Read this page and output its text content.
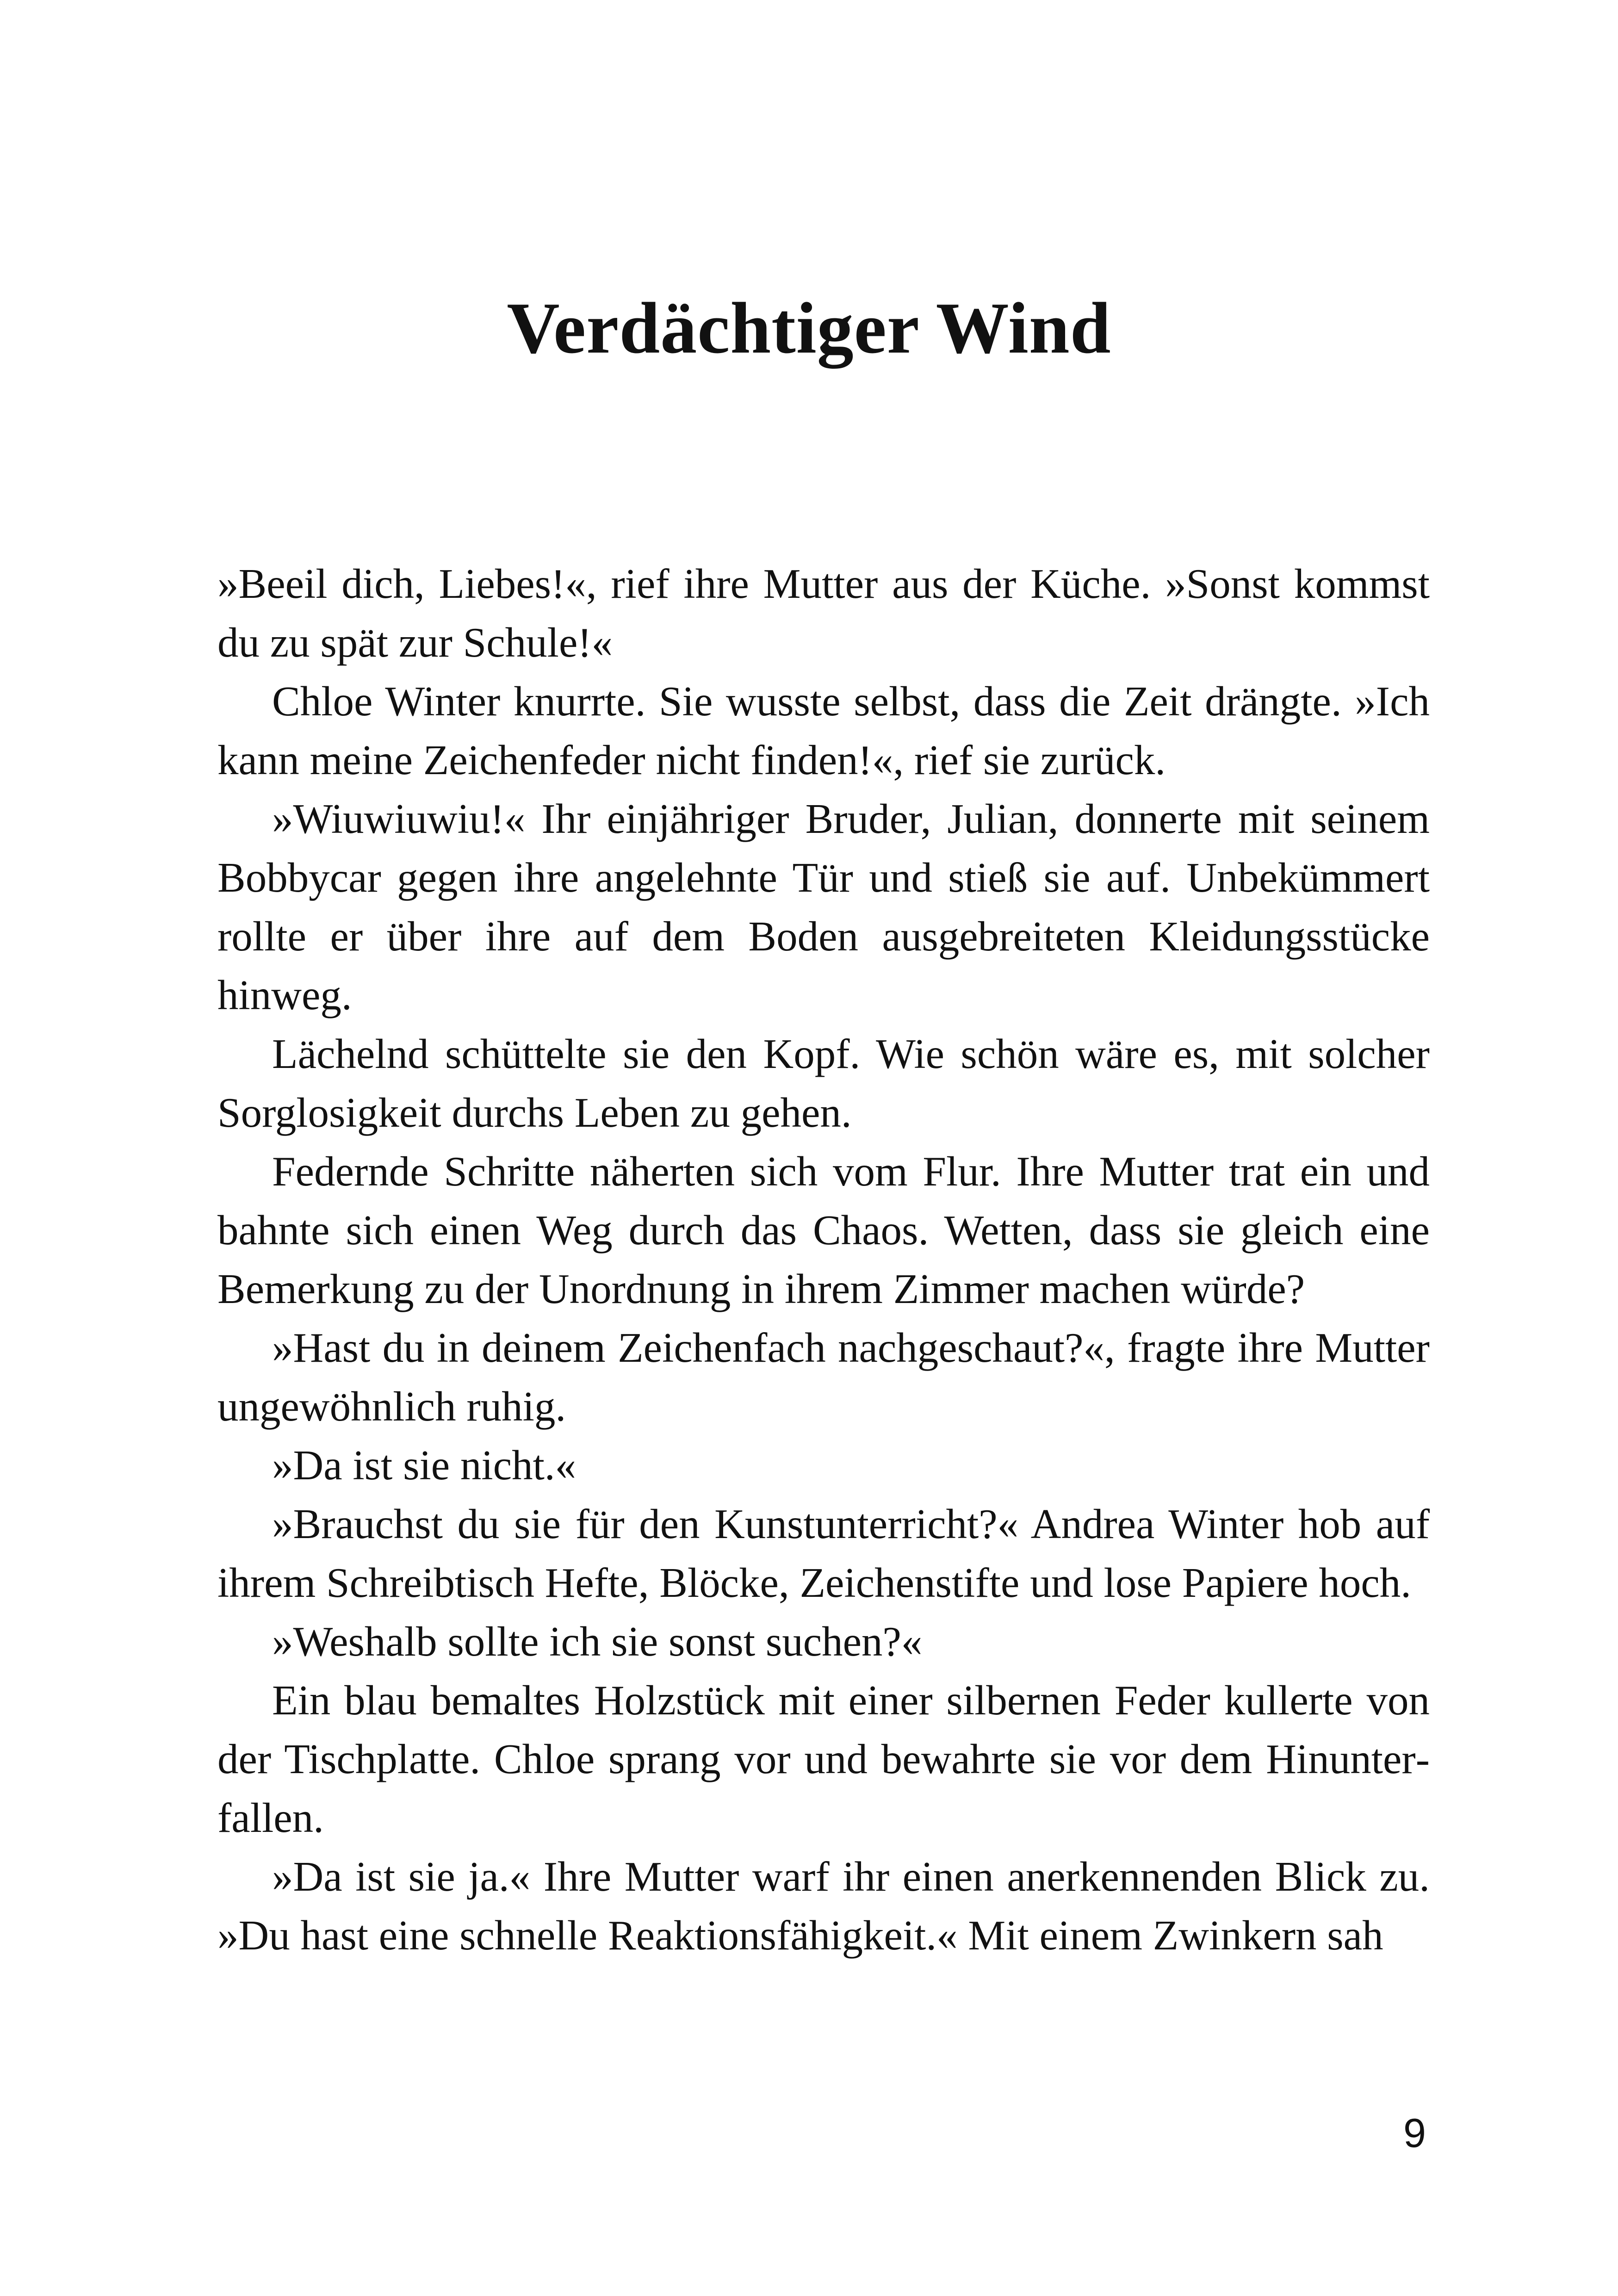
Verdächtiger Wind

»Beeil dich, Liebes!«, rief ihre Mutter aus der Küche. »Sonst kommst du zu spät zur Schule!«

Chloe Winter knurrte. Sie wusste selbst, dass die Zeit drängte. »Ich kann meine Zeichenfeder nicht finden!«, rief sie zurück.

»Wiuwiuwiu!« Ihr einjähriger Bruder, Julian, donnerte mit seinem Bobbycar gegen ihre angelehnte Tür und stieß sie auf. Unbekümmert rollte er über ihre auf dem Boden ausgebreiteten Kleidungsstücke hinweg.

Lächelnd schüttelte sie den Kopf. Wie schön wäre es, mit solcher Sorglosigkeit durchs Leben zu gehen.

Federnde Schritte näherten sich vom Flur. Ihre Mutter trat ein und bahnte sich einen Weg durch das Chaos. Wetten, dass sie gleich eine Bemerkung zu der Unordnung in ihrem Zimmer machen würde?

»Hast du in deinem Zeichenfach nachgeschaut?«, fragte ihre Mutter ungewöhnlich ruhig.

»Da ist sie nicht.«

»Brauchst du sie für den Kunstunterricht?« Andrea Winter hob auf ihrem Schreibtisch Hefte, Blöcke, Zeichenstifte und lose Papiere hoch.

»Weshalb sollte ich sie sonst suchen?«

Ein blau bemaltes Holzstück mit einer silbernen Feder kullerte von der Tischplatte. Chloe sprang vor und bewahrte sie vor dem Hinunterfallen.

»Da ist sie ja.« Ihre Mutter warf ihr einen anerkennenden Blick zu. »Du hast eine schnelle Reaktionsfähigkeit.« Mit einem Zwinkern sah

9
